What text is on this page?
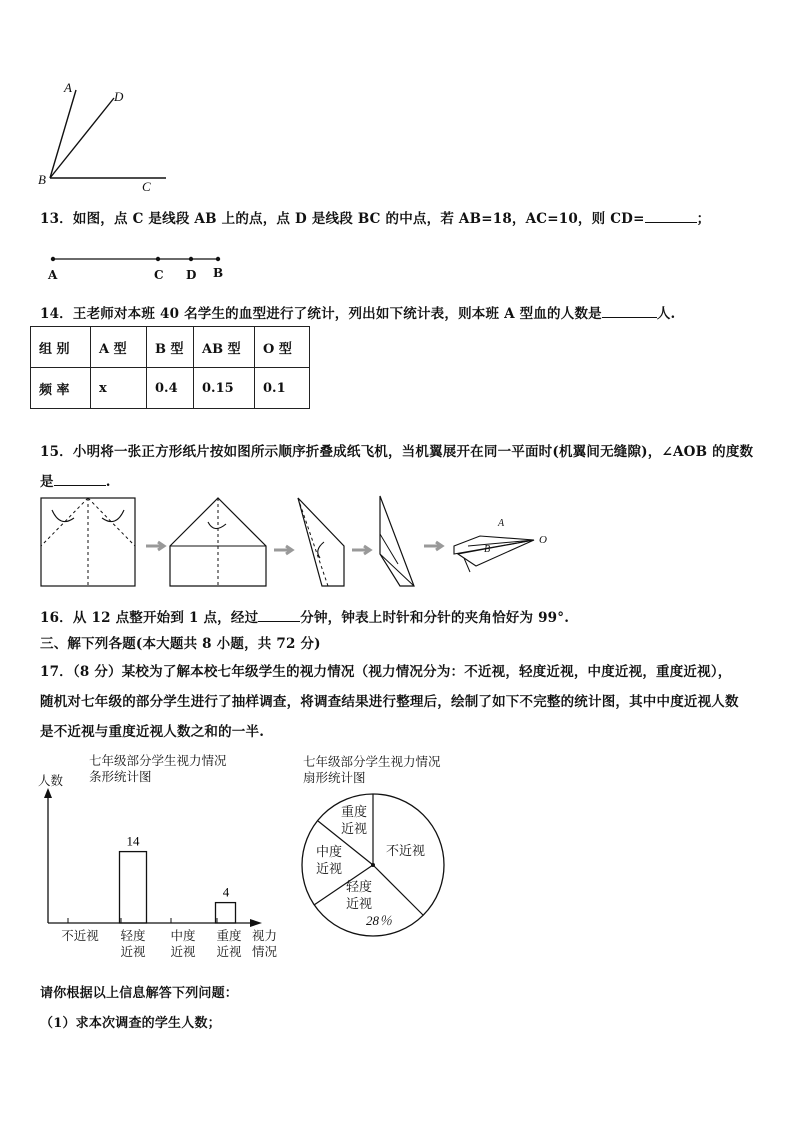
A
D
B	C
13．如图，点 C 是线段 AB 上的点，点 D 是线段 BC 的中点，若 AB=18，AC=10，则 CD=	；
A	C D B
14．王老师对本班 40 名学生的血型进行了统计，列出如下统计表，则本班 A 型血的人数是	人.
组 别	A 型	B 型	AB 型	O 型
频 率	x	0.4	0.15	0.1
15．小明将一张正方形纸片按如图所示顺序折叠成纸飞机，当机翼展开在同一平面时(机翼间无缝隙)，∠AOB 的度数
是	.
A
B
O
16．从 12 点整开始到 1 点，经过	分钟，钟表上时针和分针的夹角恰好为 99°.
三、解下列各题(本大题共 8 小题，共 72 分)
17．（8 分）某校为了解本校七年级学生的视力情况（视力情况分为：不近视，轻度近视，中度近视，重度近视），
随机对七年级的部分学生进行了抽样调查，将调查结果进行整理后，绘制了如下不完整的统计图，其中中度近视人数
是不近视与重度近视人数之和的一半.
七年级部分学生视力情况
条形统计图
人数
14
4
视力
情况
不近视	轻度
近视
中度
近视
重度
近视
七年级部分学生视力情况
扇形统计图
不近视
轻度
近视
28％
中度
近视
重度
近视
请你根据以上信息解答下列问题：
（1）求本次调查的学生人数；
